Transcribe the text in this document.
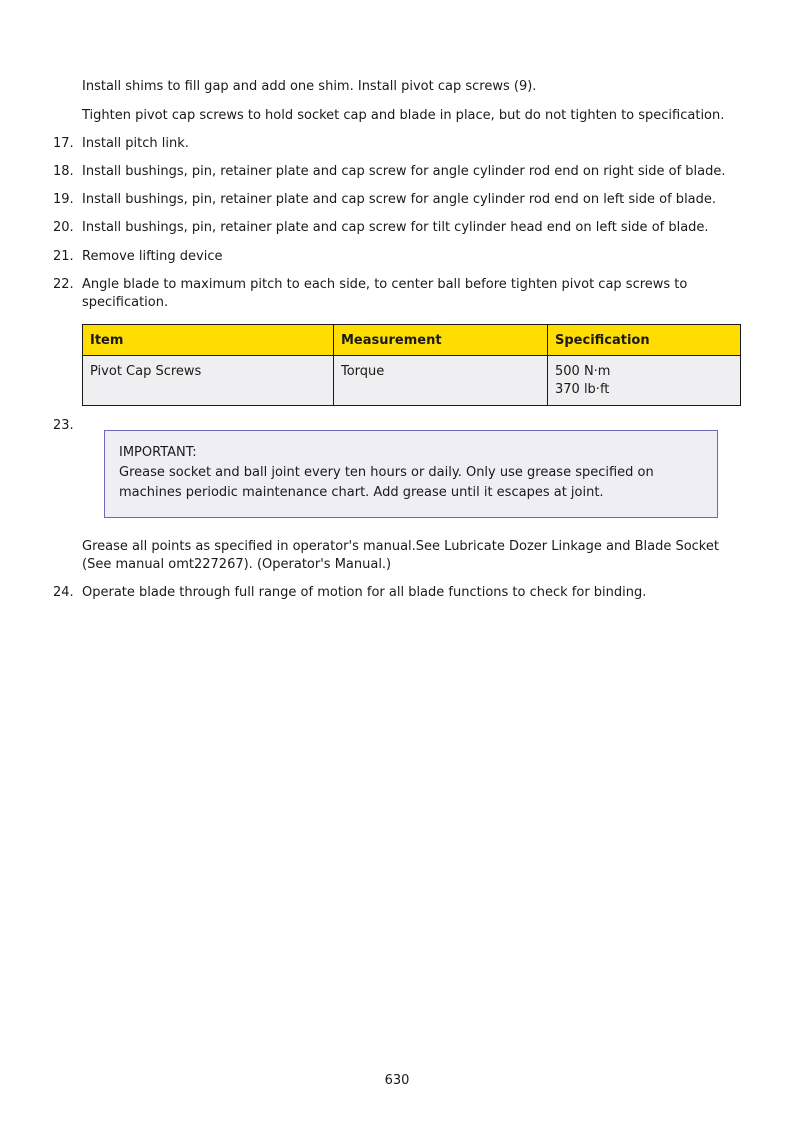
Install shims to fill gap and add one shim. Install pivot cap screws (9).
Tighten pivot cap screws to hold socket cap and blade in place, but do not tighten to specification.
17. Install pitch link.
18. Install bushings, pin, retainer plate and cap screw for angle cylinder rod end on right side of blade.
19. Install bushings, pin, retainer plate and cap screw for angle cylinder rod end on left side of blade.
20. Install bushings, pin, retainer plate and cap screw for tilt cylinder head end on left side of blade.
21. Remove lifting device
22. Angle blade to maximum pitch to each side, to center ball before tighten pivot cap screws to specification.
Item	Measurement	Specification
Pivot Cap Screws	Torque	500 N·m
370 lb·ft
23.
IMPORTANT:
Grease socket and ball joint every ten hours or daily. Only use grease specified on machines periodic maintenance chart. Add grease until it escapes at joint.
Grease all points as specified in operator's manual.See Lubricate Dozer Linkage and Blade Socket (See manual omt227267). (Operator's Manual.)
24. Operate blade through full range of motion for all blade functions to check for binding.
630
